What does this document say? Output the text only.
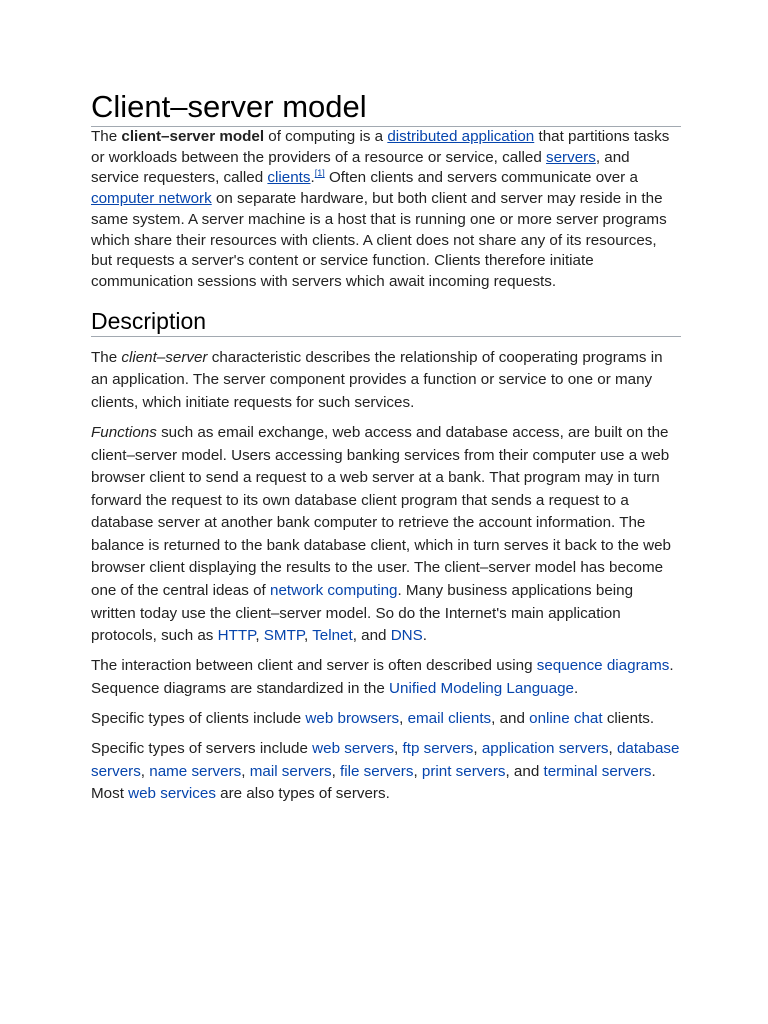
Client–server model

The client–server model of computing is a distributed application that partitions tasks or workloads between the providers of a resource or service, called servers, and service requesters, called clients.[1] Often clients and servers communicate over a computer network on separate hardware, but both client and server may reside in the same system. A server machine is a host that is running one or more server programs which share their resources with clients. A client does not share any of its resources, but requests a server's content or service function. Clients therefore initiate communication sessions with servers which await incoming requests.

Description

The client–server characteristic describes the relationship of cooperating programs in an application. The server component provides a function or service to one or many clients, which initiate requests for such services.

Functions such as email exchange, web access and database access, are built on the client–server model. Users accessing banking services from their computer use a web browser client to send a request to a web server at a bank. That program may in turn forward the request to its own database client program that sends a request to a database server at another bank computer to retrieve the account information. The balance is returned to the bank database client, which in turn serves it back to the web browser client displaying the results to the user. The client–server model has become one of the central ideas of network computing. Many business applications being written today use the client–server model. So do the Internet's main application protocols, such as HTTP, SMTP, Telnet, and DNS.

The interaction between client and server is often described using sequence diagrams. Sequence diagrams are standardized in the Unified Modeling Language.

Specific types of clients include web browsers, email clients, and online chat clients.

Specific types of servers include web servers, ftp servers, application servers, database servers, name servers, mail servers, file servers, print servers, and terminal servers. Most web services are also types of servers.
